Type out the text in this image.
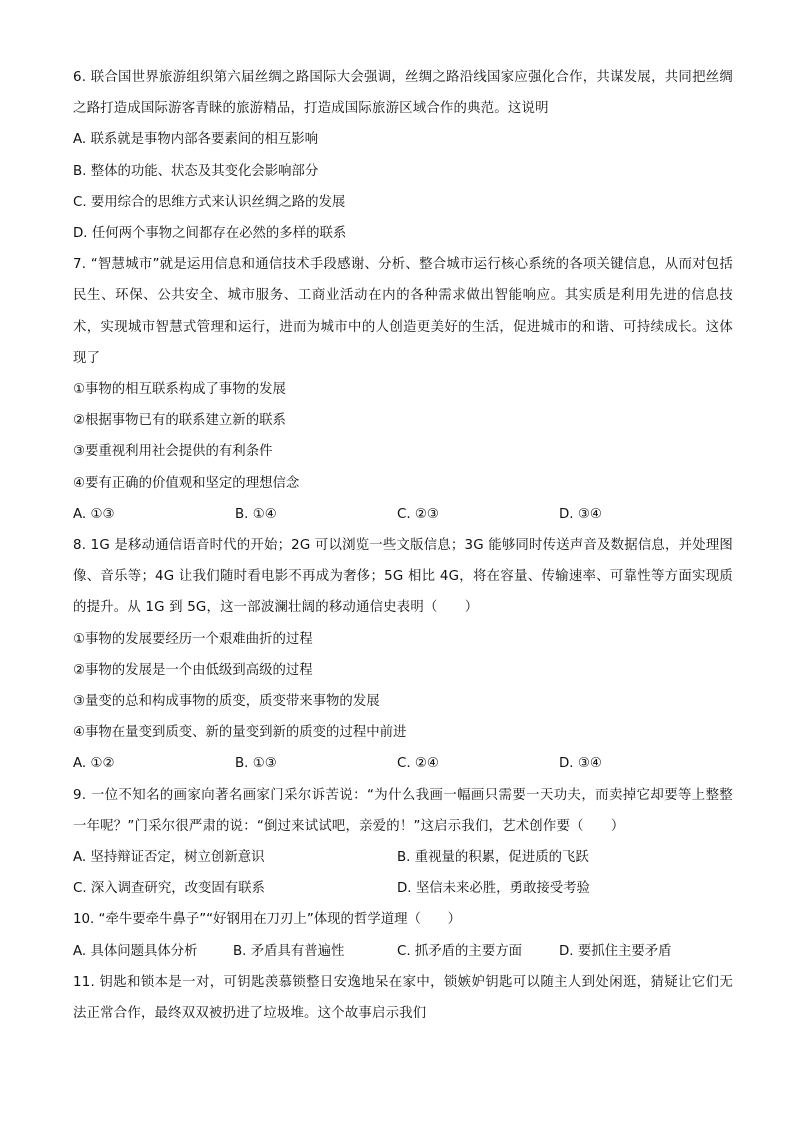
6. 联合国世界旅游组织第六届丝绸之路国际大会强调，丝绸之路沿线国家应强化合作，共谋发展，共同把丝绸之路打造成国际游客青睐的旅游精品，打造成国际旅游区域合作的典范。这说明

A. 联系就是事物内部各要素间的相互影响

B. 整体的功能、状态及其变化会影响部分

C. 要用综合的思维方式来认识丝绸之路的发展

D. 任何两个事物之间都存在必然的多样的联系

7. “智慧城市”就是运用信息和通信技术手段感谢、分析、整合城市运行核心系统的各项关键信息，从而对包括民生、环保、公共安全、城市服务、工商业活动在内的各种需求做出智能响应。其实质是利用先进的信息技术，实现城市智慧式管理和运行，进而为城市中的人创造更美好的生活，促进城市的和谐、可持续成长。这体现了

①事物的相互联系构成了事物的发展

②根据事物已有的联系建立新的联系

③要重视利用社会提供的有利条件

④要有正确的价值观和坚定的理想信念

A. ①③	B. ①④	C. ②③	D. ③④

8. 1G 是移动通信语音时代的开始；2G 可以浏览一些文版信息；3G 能够同时传送声音及数据信息，并处理图像、音乐等；4G 让我们随时看电影不再成为奢侈；5G 相比 4G，将在容量、传输速率、可靠性等方面实现质的提升。从 1G 到 5G，这一部波澜壮阔的移动通信史表明（　　）

①事物的发展要经历一个艰难曲折的过程

②事物的发展是一个由低级到高级的过程

③量变的总和构成事物的质变，质变带来事物的发展

④事物在量变到质变、新的量变到新的质变的过程中前进

A. ①②	B. ①③	C. ②④	D. ③④

9. 一位不知名的画家向著名画家门采尔诉苦说：“为什么我画一幅画只需要一天功夫，而卖掉它却要等上整整一年呢？”门采尔很严肃的说：“倒过来试试吧，亲爱的！”这启示我们，艺术创作要（　　）

A. 坚持辩证否定，树立创新意识	B. 重视量的积累，促进质的飞跃
C. 深入调查研究，改变固有联系	D. 坚信未来必胜，勇敢接受考验

10. “牵牛要牵牛鼻子”“好钢用在刀刃上”体现的哲学道理（　　）

A. 具体问题具体分析	B. 矛盾具有普遍性	C. 抓矛盾的主要方面	D. 要抓住主要矛盾

11. 钥匙和锁本是一对，可钥匙羡慕锁整日安逸地呆在家中，锁嫉妒钥匙可以随主人到处闲逛，猜疑让它们无法正常合作，最终双双被扔进了垃圾堆。这个故事启示我们
